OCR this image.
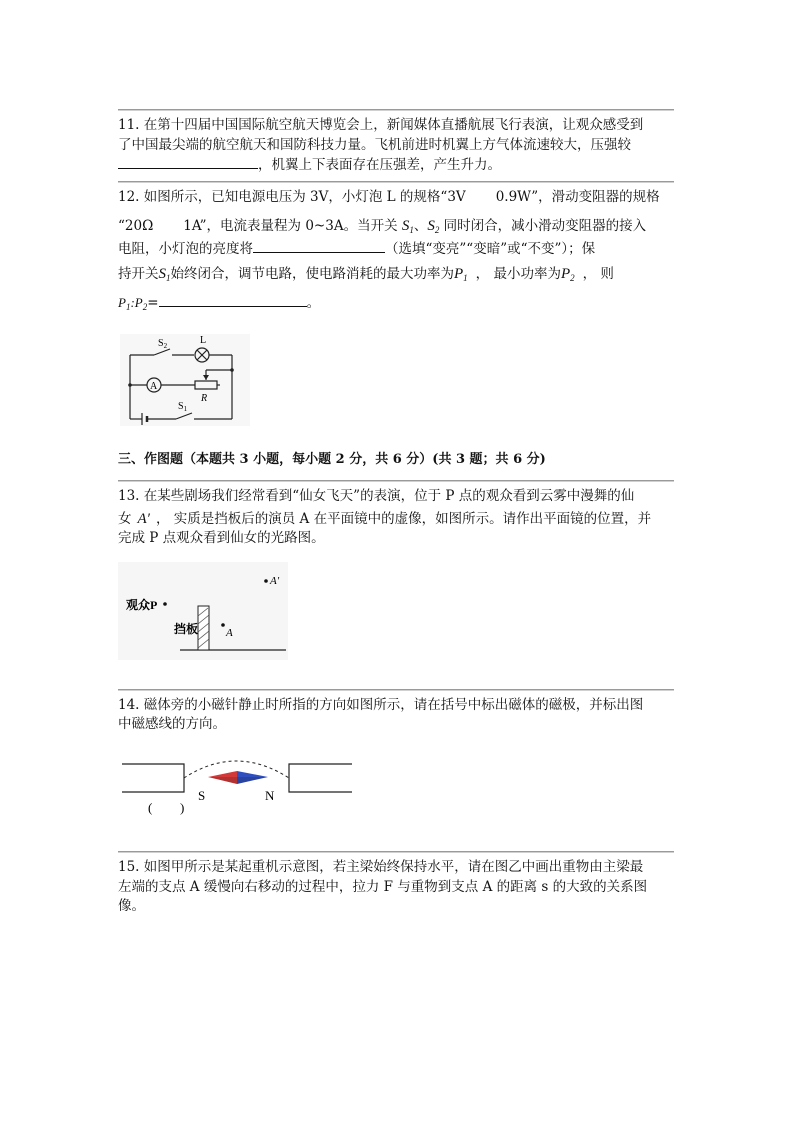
11. 在第十四届中国国际航空航天博览会上，新闻媒体直播航展飞行表演，让观众感受到
了中国最尖端的航空航天和国防科技力量。飞机前进时机翼上方气体流速较大，压强较
，机翼上下表面存在压强差，产生升力。
12. 如图所示，已知电源电压为 3V，小灯泡 L 的规格“3V 0.9W”，滑动变阻器的规格
“20Ω 1A”，电流表量程为 0~3A。当开关 $S_1$、$S_2$ 同时闭合，减小滑动变阻器的接入
电阻，小灯泡的亮度将	（选填“变亮”“变暗”或“不变”）；保
持开关$S_1$始终闭合，调节电路，使电路消耗的最大功率为$P_1$ ， 最小功率为$P_2$ ， 则
$P_1:P_2=$	。
$S_2$	L
A
R
$S_1$
三、作图题（本题共 3 小题，每小题 2 分，共 6 分）(共 3 题；共 6 分)
13. 在某些剧场我们经常看到“仙女飞天”的表演，位于 P 点的观众看到云雾中漫舞的仙
女 A′ ， 实质是挡板后的演员 A 在平面镜中的虚像，如图所示。请作出平面镜的位置，并
完成 P 点观众看到仙女的光路图。
观众P
挡板	A
A′
14. 磁体旁的小磁针静止时所指的方向如图所示，请在括号中标出磁体的磁极，并标出图
中磁感线的方向。
( )
S	N
15. 如图甲所示是某起重机示意图，若主梁始终保持水平，请在图乙中画出重物由主梁最
左端的支点 A 缓慢向右移动的过程中，拉力 F 与重物到支点 A 的距离 s 的大致的关系图
像。
